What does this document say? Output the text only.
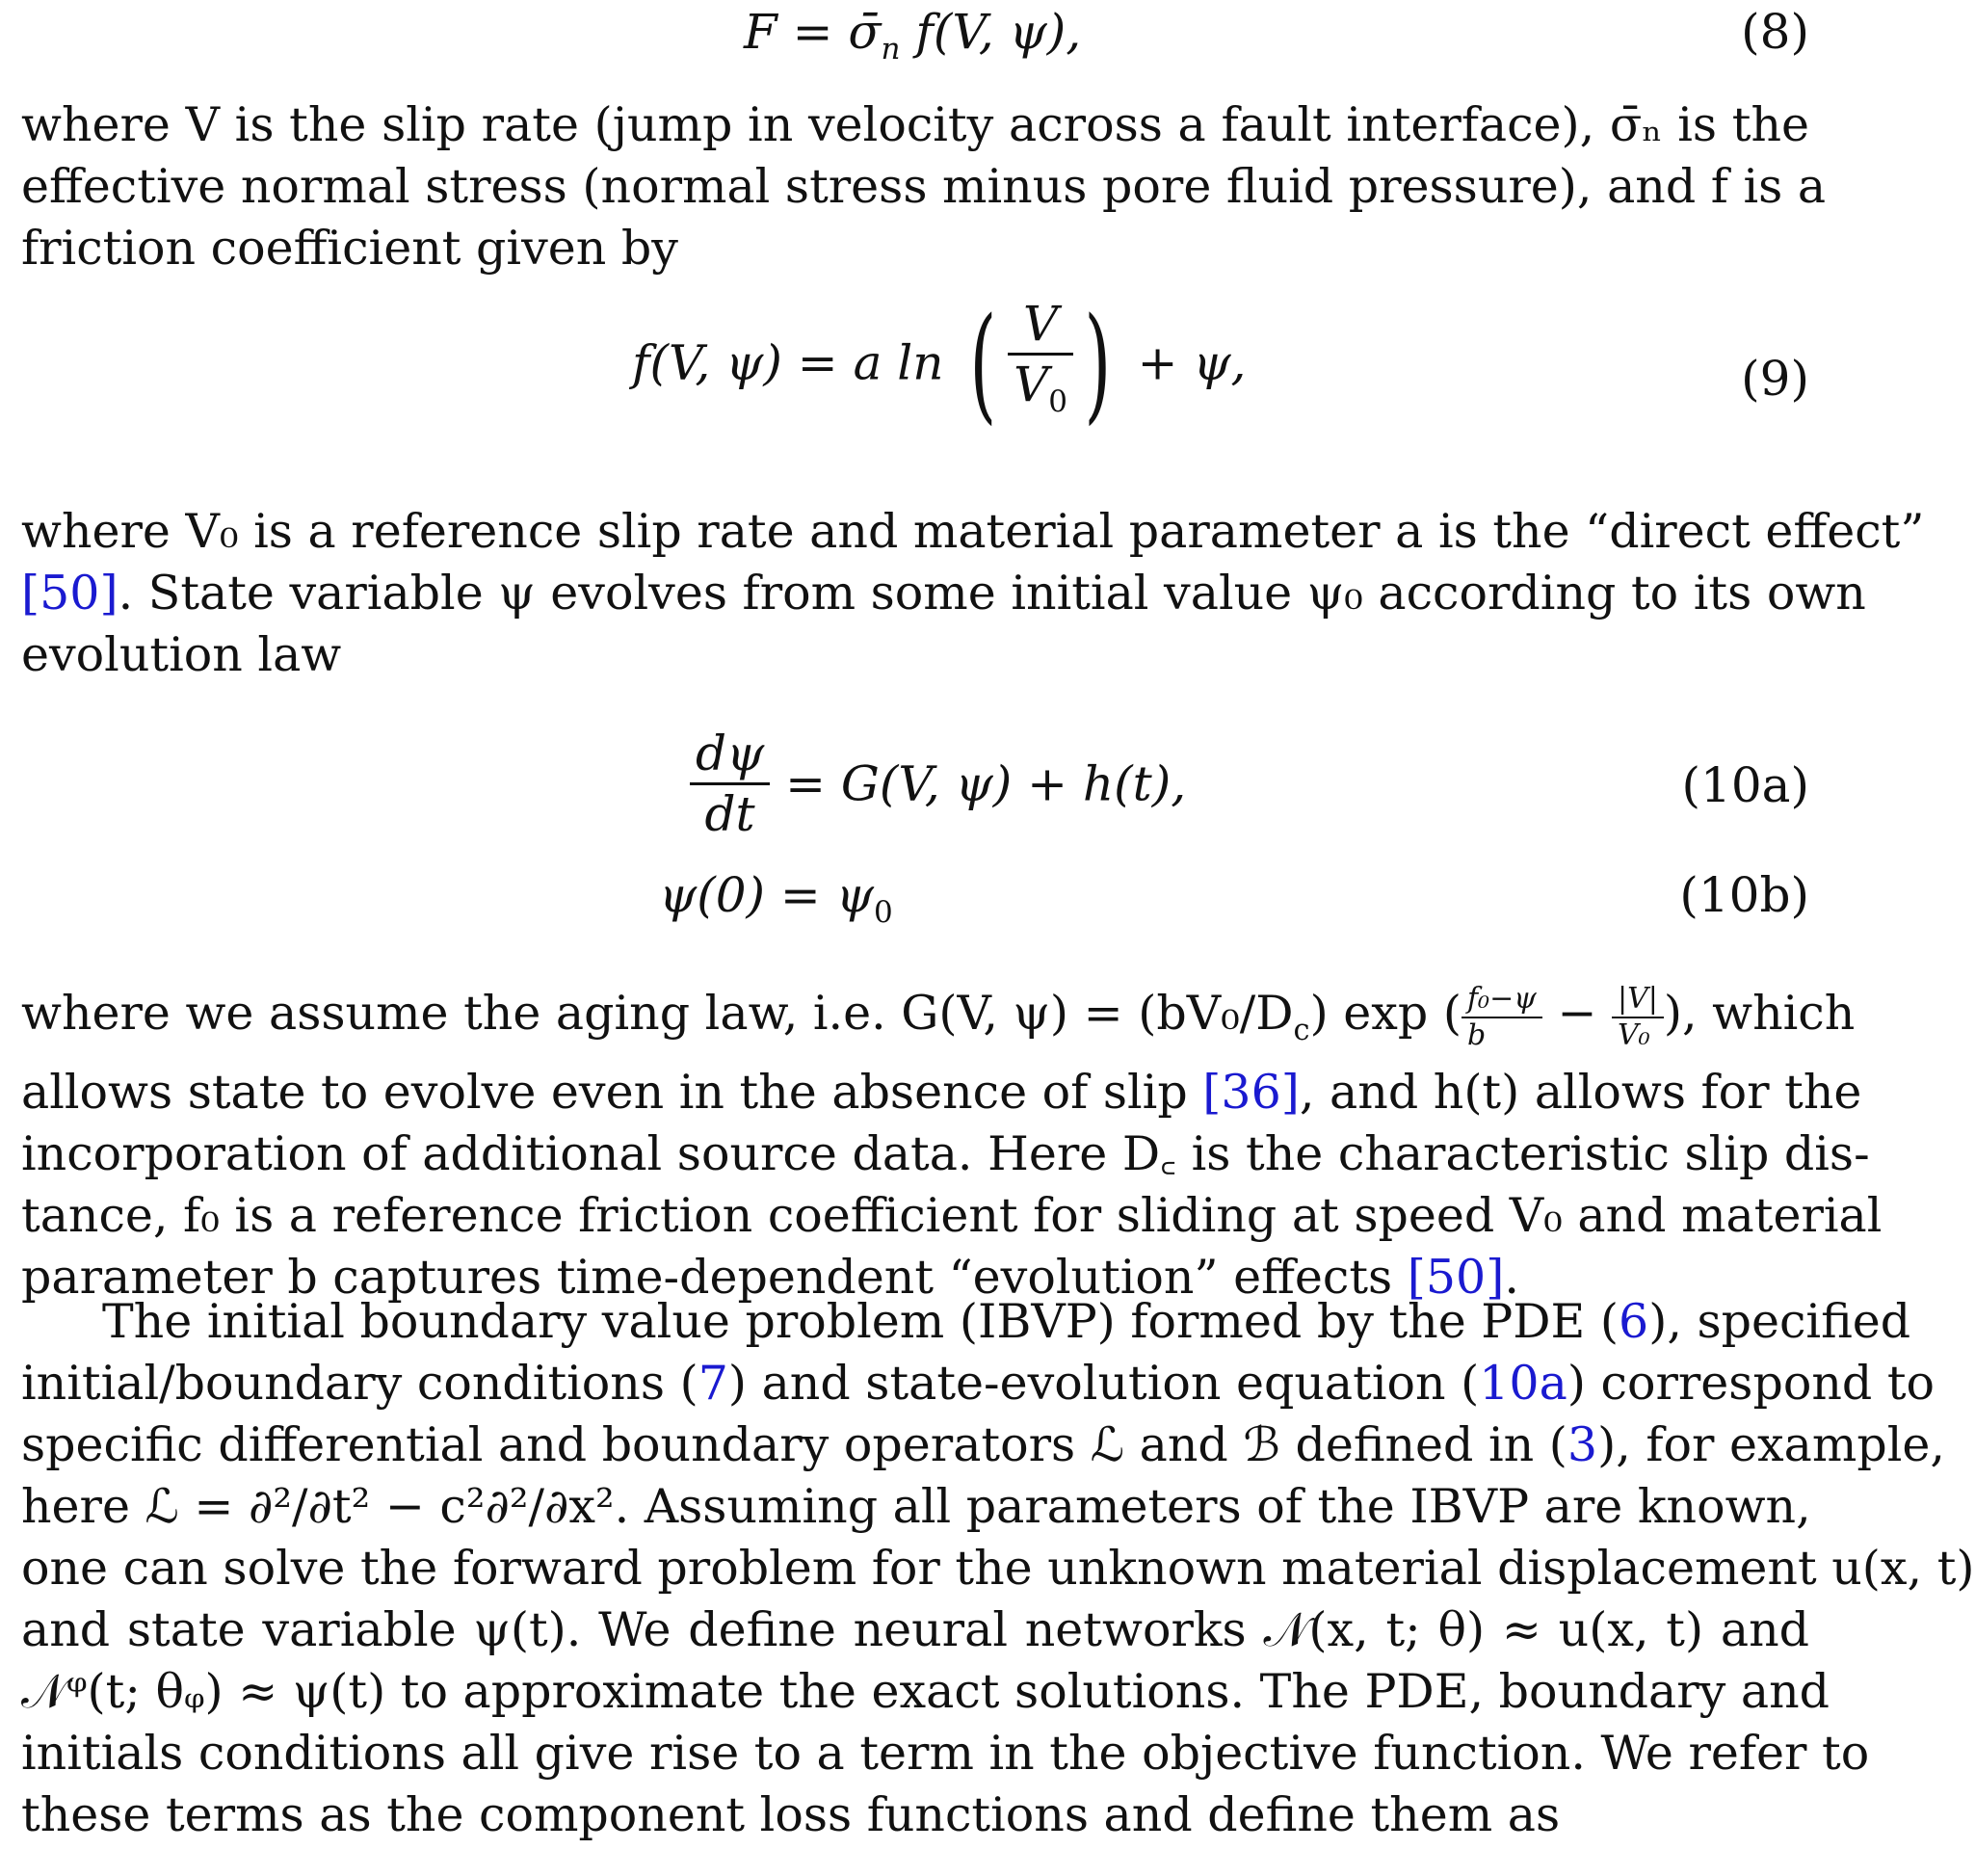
$F = \sigmā_n$ f(V, ψ),	(8)
where V is the slip rate (jump in velocity across a fault interface), σ̄ₙ is the
effective normal stress (normal stress minus pore fluid pressure), and f is a
friction coefficient given by
f(V, ψ) = a ln ( $\frac{V}{V_0}$ ) + ψ,	(9)
where V₀ is a reference slip rate and material parameter a is the “direct effect”
[50]. State variable ψ evolves from some initial value ψ₀ according to its own
evolution law
$\frac{d\psi}{dt} = G(V$, ψ) + h(t),	(10a)
$\psi(0) = \psi_0$	(10b)
where we assume the aging law, i.e. G(V, $\psi) = (bV_0/D_c)$ exp ( $\frac{\text{f₀−ψ}}{b} - \frac{|V|}{\text{V₀}}$ ), which
allows state to evolve even in the absence of slip [36], and h(t) allows for the
incorporation of additional source data. Here D꜀ is the characteristic slip dis-
tance, f₀ is a reference friction coefficient for sliding at speed V₀ and material
parameter b captures time-dependent “evolution” effects [50].
The initial boundary value problem (IBVP) formed by the PDE (6), specified
initial/boundary conditions (7) and state-evolution equation (10a) correspond to
specific differential and boundary operators ℒ and ℬ defined in (3), for example,
here ℒ = ∂²/∂t² − c²∂²/∂x². Assuming all parameters of the IBVP are known,
one can solve the forward problem for the unknown material displacement u(x, t)
and state variable ψ(t). We define neural networks 𝒩(x, t; θ) ≈ u(x, t) and
𝒩ᵠ(t; θᵩ) ≈ ψ(t) to approximate the exact solutions. The PDE, boundary and
initials conditions all give rise to a term in the objective function. We refer to
these terms as the component loss functions and define them as
